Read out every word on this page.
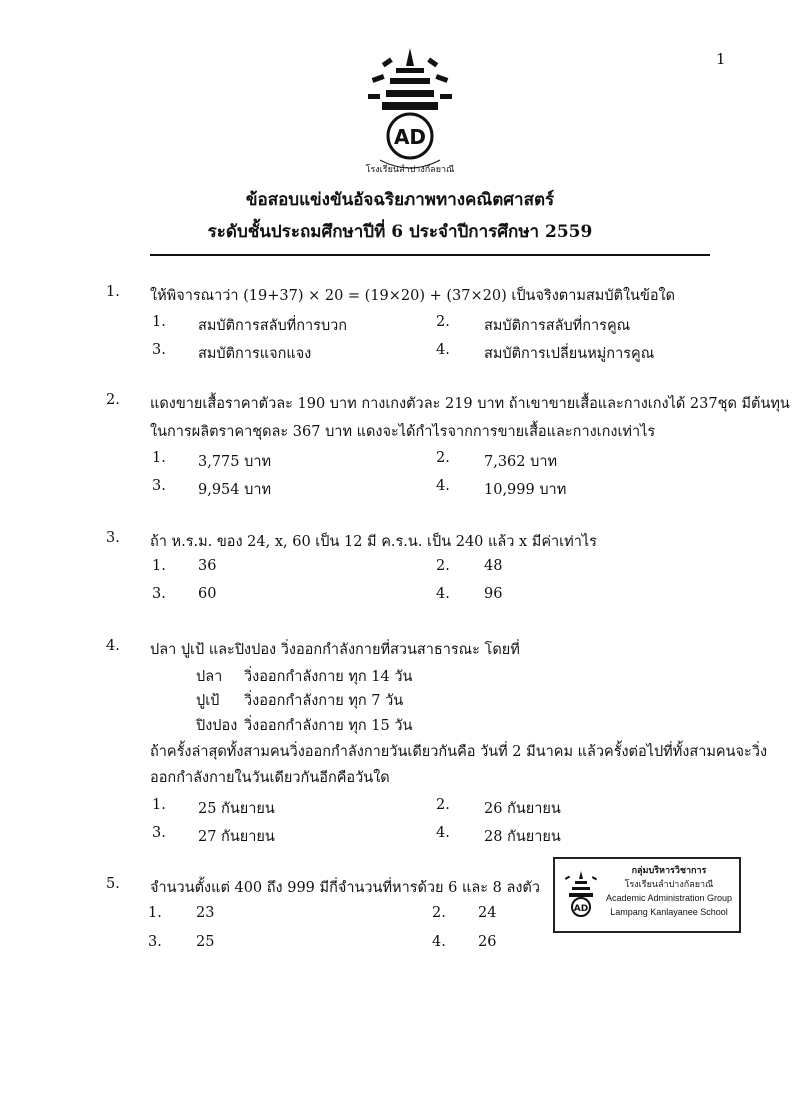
1
AD
โรงเรียนลำปางกัลยาณี
ข้อสอบแข่งขันอัจฉริยภาพทางคณิตศาสตร์
ระดับชั้นประถมศึกษาปีที่ 6 ประจำปีการศึกษา 2559
1. ให้พิจารณาว่า (19+37) × 20 = (19×20) + (37×20) เป็นจริงตามสมบัติในข้อใด
1. สมบัติการสลับที่การบวก	2. สมบัติการสลับที่การคูณ
3. สมบัติการแจกแจง	4. สมบัติการเปลี่ยนหมู่การคูณ
2. แดงขายเสื้อราคาตัวละ 190 บาท กางเกงตัวละ 219 บาท ถ้าเขาขายเสื้อและกางเกงได้ 237ชุด มีต้นทุน
ในการผลิตราคาชุดละ 367 บาท แดงจะได้กำไรจากการขายเสื้อและกางเกงเท่าไร
1. 3,775 บาท	2. 7,362 บาท
3. 9,954 บาท	4. 10,999 บาท
3. ถ้า ห.ร.ม. ของ 24, x, 60 เป็น 12 มี ค.ร.น. เป็น 240 แล้ว x มีค่าเท่าไร
1. 36	2. 48
3. 60	4. 96
4. ปลา ปูเป้ และปิงปอง วิ่งออกกำลังกายที่สวนสาธารณะ โดยที่
ปลา วิ่งออกกำลังกาย ทุก 14 วัน
ปูเป้ วิ่งออกกำลังกาย ทุก 7 วัน
ปิงปอง วิ่งออกกำลังกาย ทุก 15 วัน
ถ้าครั้งล่าสุดทั้งสามคนวิ่งออกกำลังกายวันเดียวกันคือ วันที่ 2 มีนาคม แล้วครั้งต่อไปที่ทั้งสามคนจะวิ่ง
ออกกำลังกายในวันเดียวกันอีกคือวันใด
1. 25 กันยายน	2. 26 กันยายน
3. 27 กันยายน	4. 28 กันยายน
5. จำนวนตั้งแต่ 400 ถึง 999 มีกี่จำนวนที่หารด้วย 6 และ 8 ลงตัว
1. 23	2. 24
3. 25	4. 26
AD
กลุ่มบริหารวิชาการ
โรงเรียนลำปางกัลยาณี
Academic Administration Group
Lampang Kanlayanee School
